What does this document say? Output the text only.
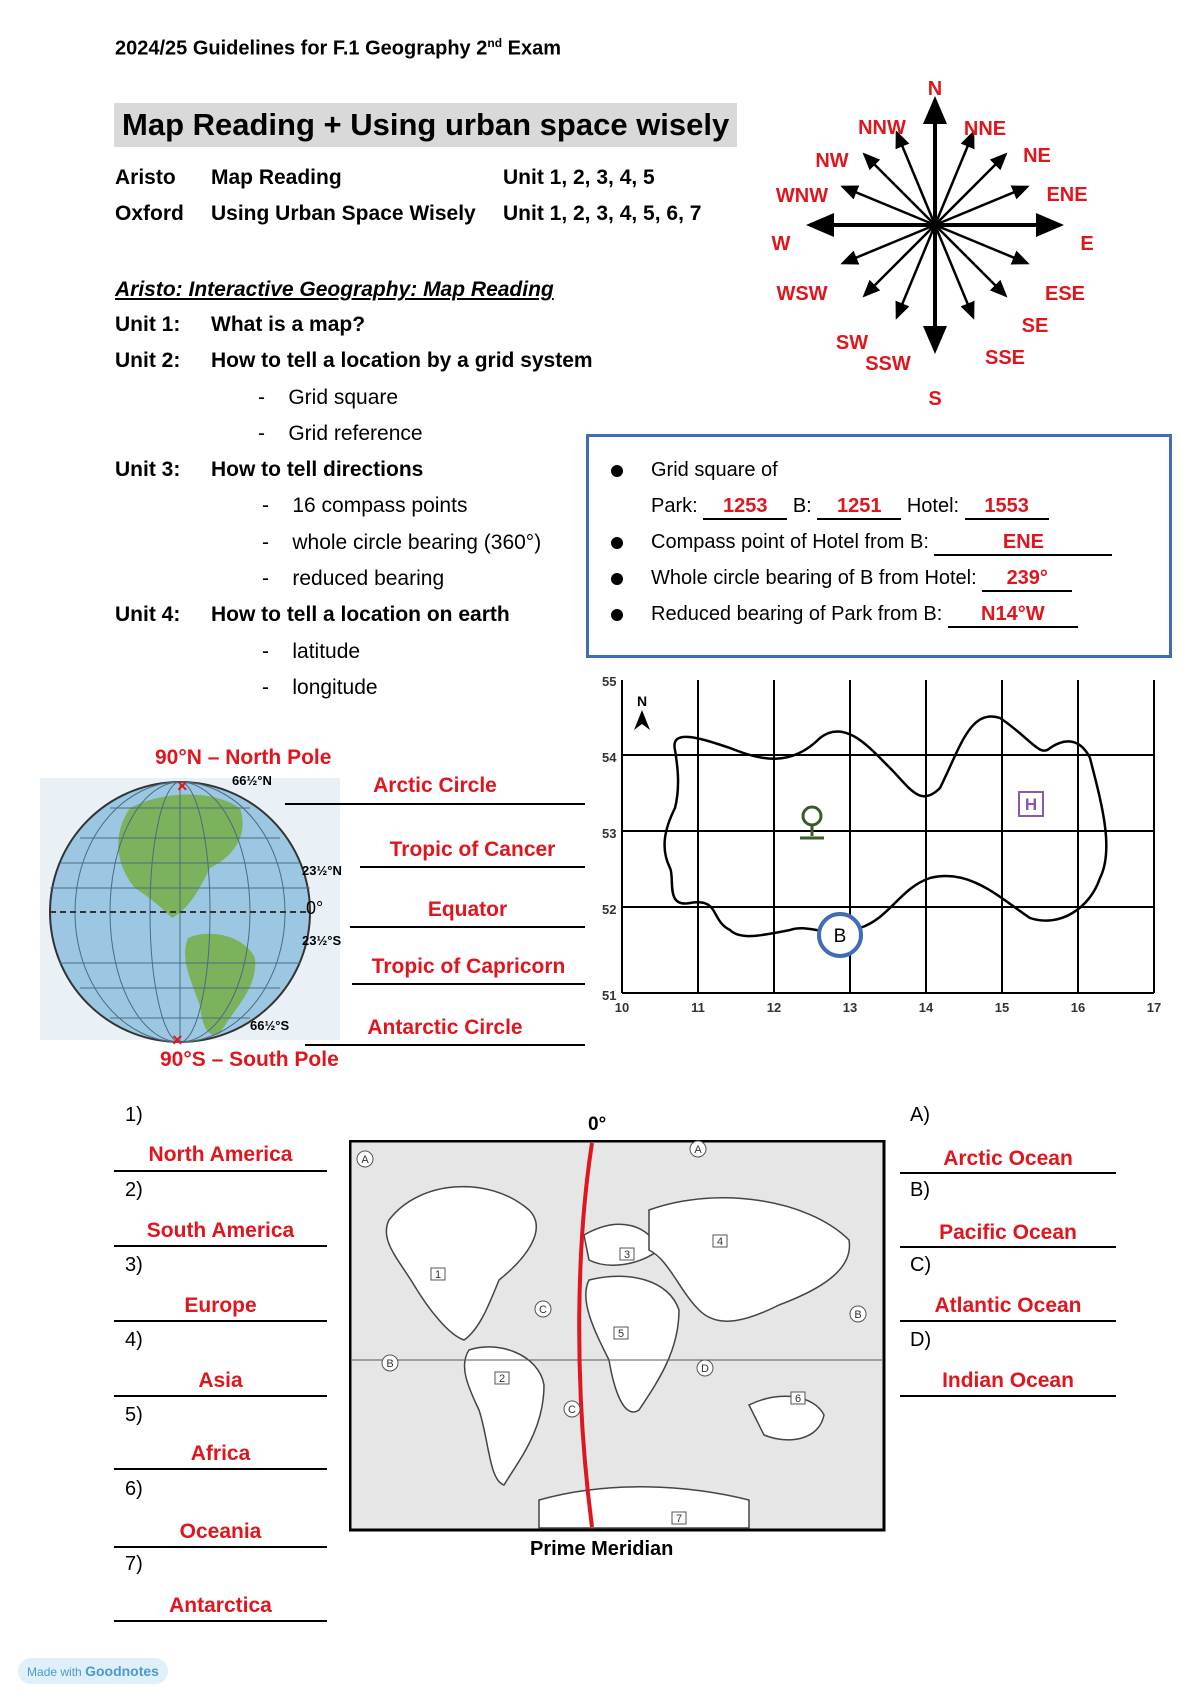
2024/25 Guidelines for F.1 Geography 2nd Exam
Map Reading + Using urban space wisely
Aristo Map Reading	Unit 1, 2, 3, 4, 5
Oxford Using Urban Space Wisely Unit 1, 2, 3, 4, 5, 6, 7
Aristo: Interactive Geography: Map Reading
Unit 1: What is a map?
Unit 2: How to tell a location by a grid system
-    Grid square
-    Grid reference
Unit 3: How to tell directions
-    16 compass points
-    whole circle bearing (360°)
-    reduced bearing
Unit 4: How to tell a location on earth
-    latitude
-    longitude
N
NNE
NE
ENE
E
ESE
SE
SSE
S
SSW
SW
WSW
W
WNW
NW
NNW
Grid square of
Park: 1253 B: 1251 Hotel: 1553
Compass point of Hotel from B:	ENE
Whole circle bearing of B from Hotel: 239°
Reduced bearing of Park from B: N14°W
N
H
B
55
54
53
52
51
10	11	12	13	14	15	16	17
90°N – North Pole
×
×
90°S – South Pole
66½°N
23½°N
0°
23½°S
66½°S
Arctic Circle
Tropic of Cancer
Equator
Tropic of Capricorn
Antarctic Circle
0°
A
A
B
B
C
C
D
1
2
3
4
5
6
7
Prime Meridian
1)
North America
2)
South America
3)
Europe
4)
Asia
5)
Africa
6)
Oceania
7)
Antarctica
A)
Arctic Ocean
B)
Pacific Ocean
C)
Atlantic Ocean
D)
Indian Ocean
Made with Goodnotes
